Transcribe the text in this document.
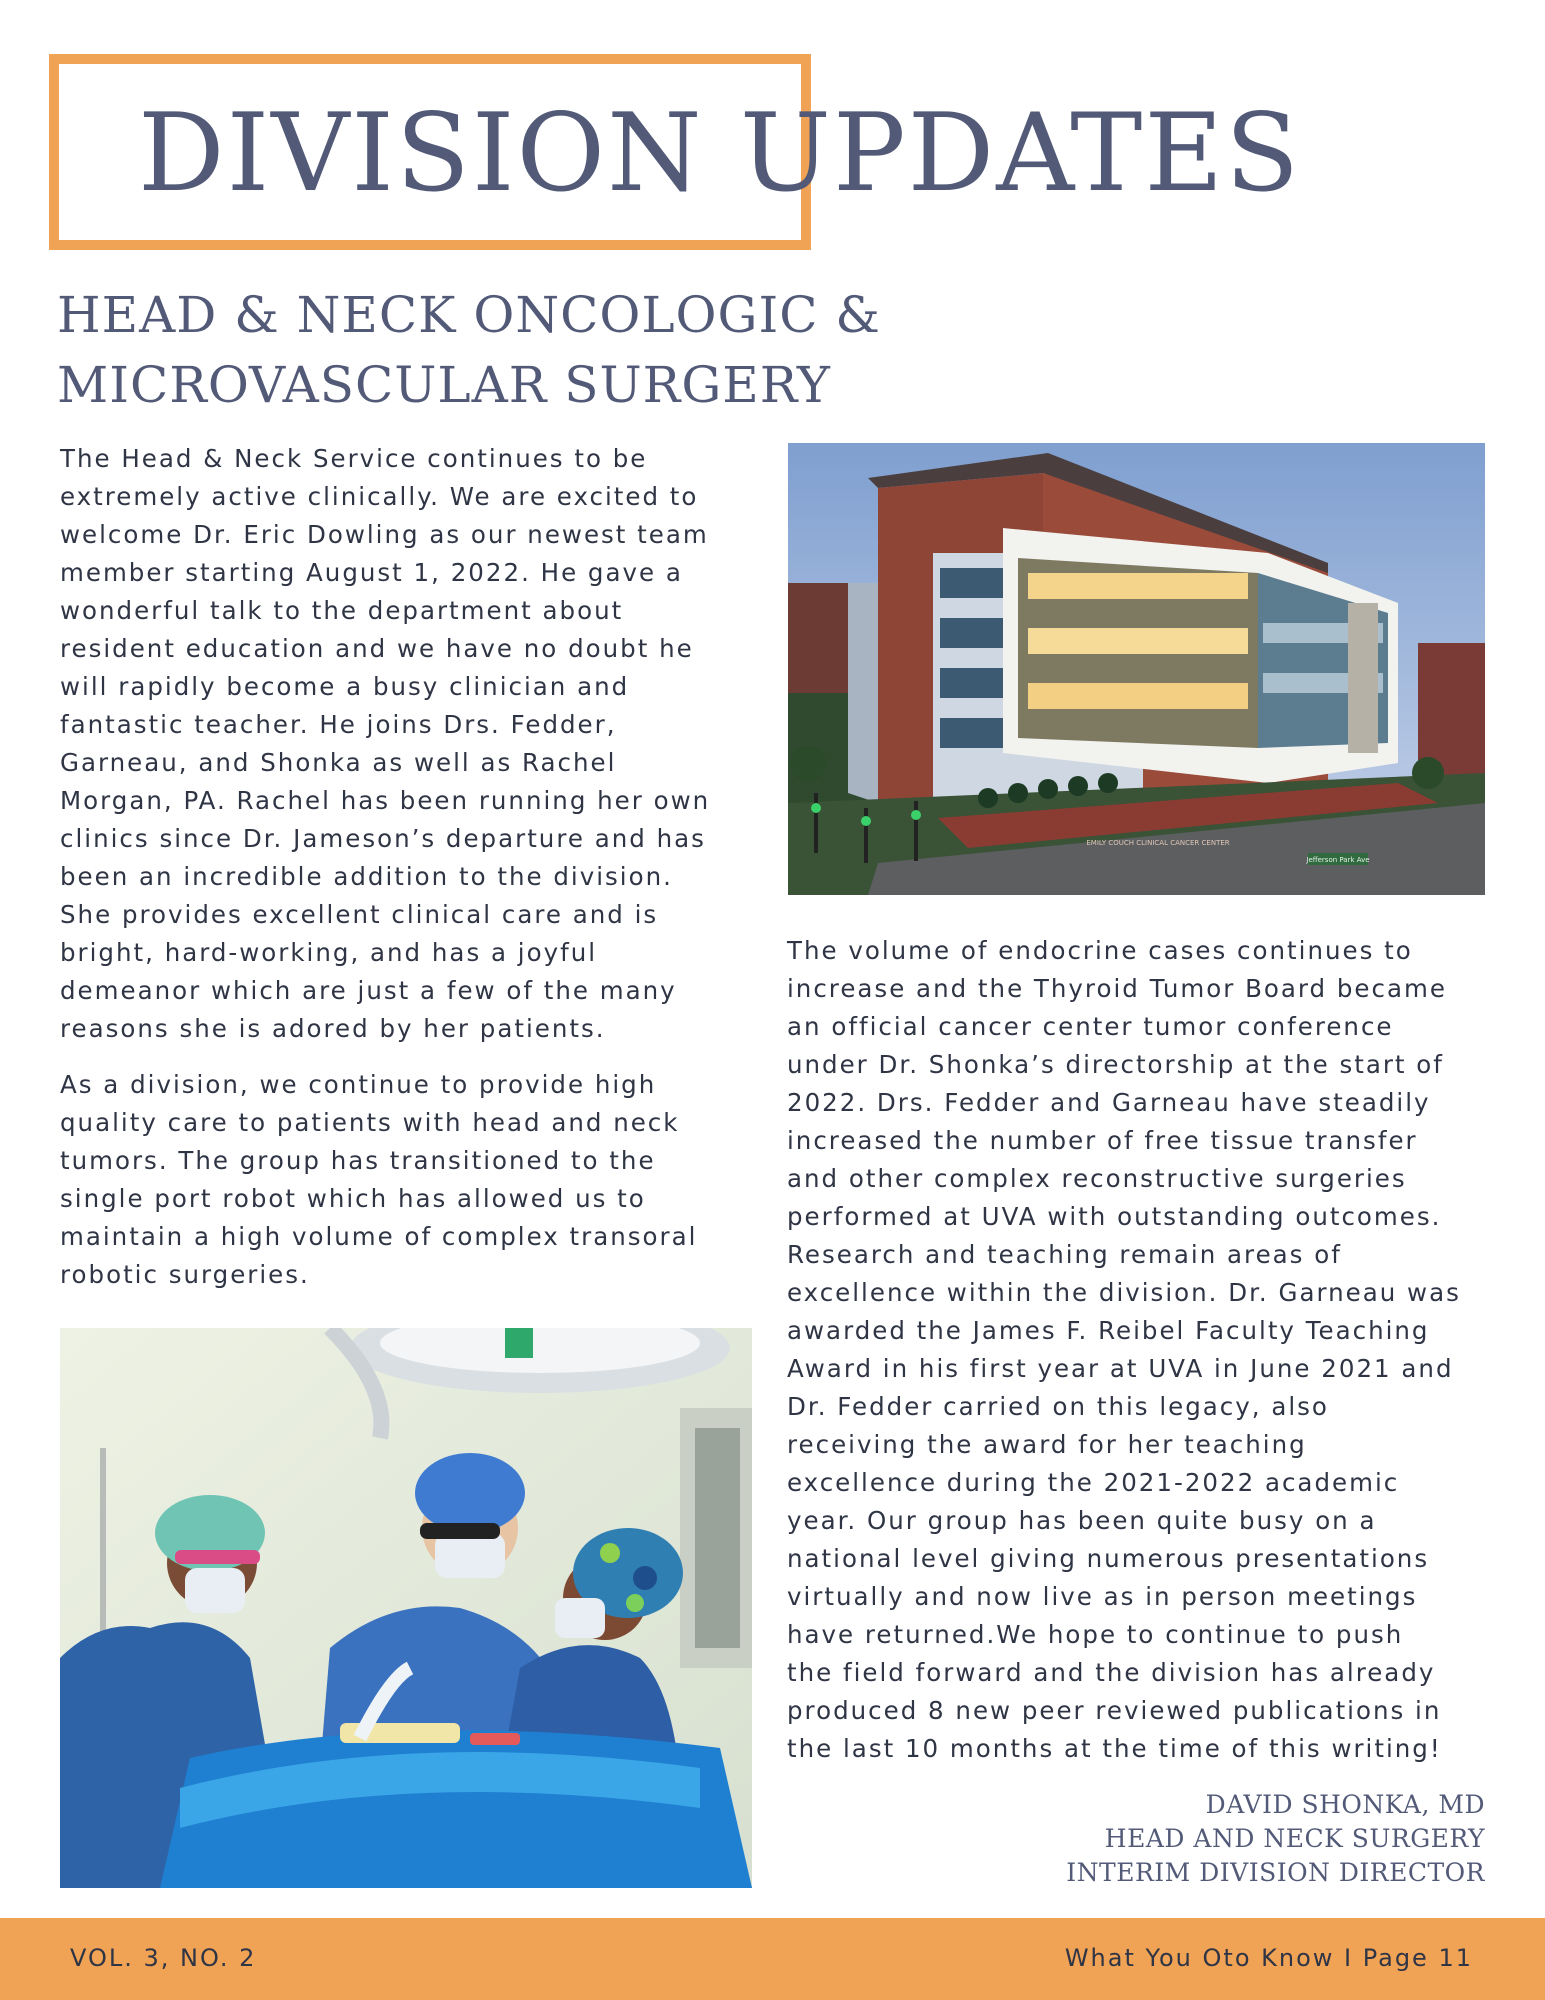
DIVISION UPDATES
HEAD & NECK ONCOLOGIC &
MICROVASCULAR SURGERY

The Head & Neck Service continues to be
extremely active clinically. We are excited to
welcome Dr. Eric Dowling as our newest team
member starting August 1, 2022. He gave a
wonderful talk to the department about
resident education and we have no doubt he
will rapidly become a busy clinician and
fantastic teacher. He joins Drs. Fedder,
Garneau, and Shonka as well as Rachel
Morgan, PA. Rachel has been running her own
clinics since Dr. Jameson’s departure and has
been an incredible addition to the division.
She provides excellent clinical care and is
bright, hard-working, and has a joyful
demeanor which are just a few of the many
reasons she is adored by her patients.

As a division, we continue to provide high
quality care to patients with head and neck
tumors. The group has transitioned to the
single port robot which has allowed us to
maintain a high volume of complex transoral
robotic surgeries.

Jefferson Park Ave
EMILY COUCH CLINICAL CANCER CENTER

The volume of endocrine cases continues to
increase and the Thyroid Tumor Board became
an official cancer center tumor conference
under Dr. Shonka’s directorship at the start of
2022. Drs. Fedder and Garneau have steadily
increased the number of free tissue transfer
and other complex reconstructive surgeries
performed at UVA with outstanding outcomes.
Research and teaching remain areas of
excellence within the division. Dr. Garneau was
awarded the James F. Reibel Faculty Teaching
Award in his first year at UVA in June 2021 and
Dr. Fedder carried on this legacy, also
receiving the award for her teaching
excellence during the 2021-2022 academic
year. Our group has been quite busy on a
national level giving numerous presentations
virtually and now live as in person meetings
have returned.We hope to continue to push
the field forward and the division has already
produced 8 new peer reviewed publications in
the last 10 months at the time of this writing!

DAVID SHONKA, MD
HEAD AND NECK SURGERY
INTERIM DIVISION DIRECTOR
VOL. 3, NO. 2	What You Oto Know I Page 11
